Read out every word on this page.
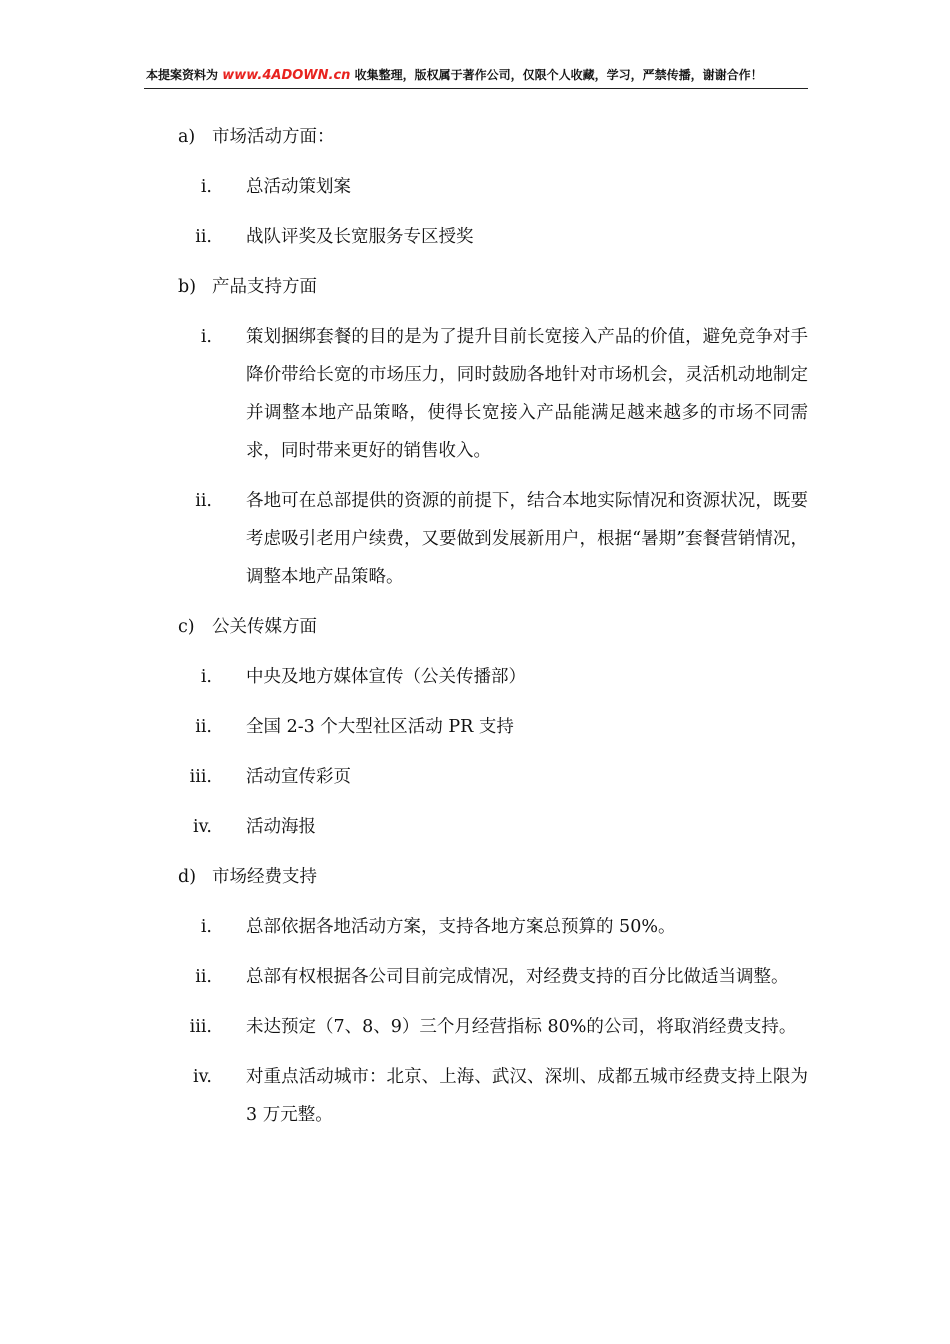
本提案资料为 www.4ADOWN.cn 收集整理，版权属于著作公司，仅限个人收藏，学习，严禁传播，谢谢合作！
a) 市场活动方面：
i. 总活动策划案
ii. 战队评奖及长宽服务专区授奖
b) 产品支持方面
i. 策划捆绑套餐的目的是为了提升目前长宽接入产品的价值，避免竞争对手降价带给长宽的市场压力，同时鼓励各地针对市场机会，灵活机动地制定并调整本地产品策略，使得长宽接入产品能满足越来越多的市场不同需求，同时带来更好的销售收入。
ii. 各地可在总部提供的资源的前提下，结合本地实际情况和资源状况，既要考虑吸引老用户续费，又要做到发展新用户，根据“暑期”套餐营销情况，调整本地产品策略。
c) 公关传媒方面
i. 中央及地方媒体宣传（公关传播部）
ii. 全国 2-3 个大型社区活动 PR 支持
iii. 活动宣传彩页
iv. 活动海报
d) 市场经费支持
i. 总部依据各地活动方案，支持各地方案总预算的 50%。
ii. 总部有权根据各公司目前完成情况，对经费支持的百分比做适当调整。
iii. 未达预定（7、8、9）三个月经营指标 80%的公司，将取消经费支持。
iv. 对重点活动城市：北京、上海、武汉、深圳、成都五城市经费支持上限为 3 万元整。
